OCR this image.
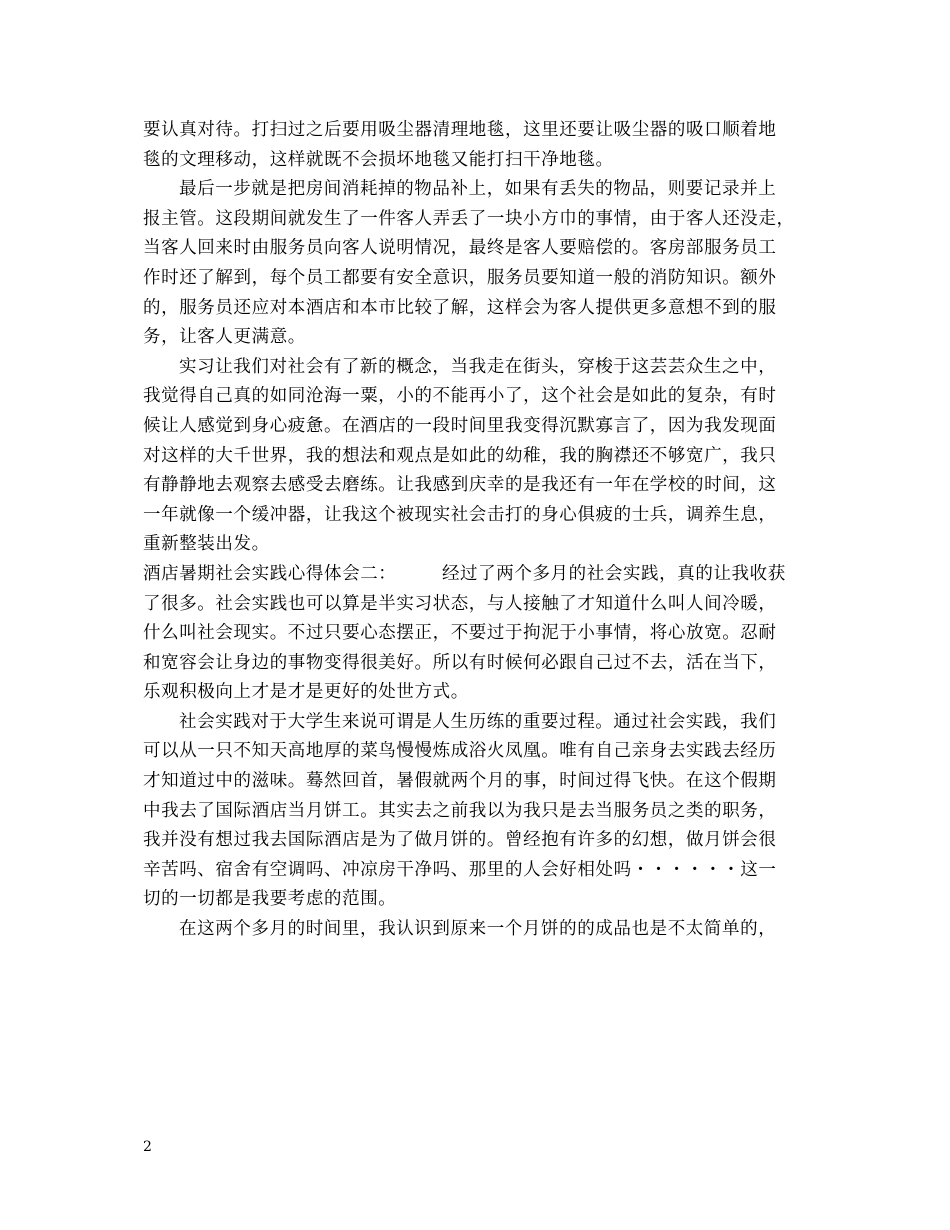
要认真对待。打扫过之后要用吸尘器清理地毯，这里还要让吸尘器的吸口顺着地
毯的文理移动，这样就既不会损坏地毯又能打扫干净地毯。
最后一步就是把房间消耗掉的物品补上，如果有丢失的物品，则要记录并上
报主管。这段期间就发生了一件客人弄丢了一块小方巾的事情，由于客人还没走，
当客人回来时由服务员向客人说明情况，最终是客人要赔偿的。客房部服务员工
作时还了解到，每个员工都要有安全意识，服务员要知道一般的消防知识。额外
的，服务员还应对本酒店和本市比较了解，这样会为客人提供更多意想不到的服
务，让客人更满意。
实习让我们对社会有了新的概念，当我走在街头，穿梭于这芸芸众生之中，
我觉得自己真的如同沧海一粟，小的不能再小了，这个社会是如此的复杂，有时
候让人感觉到身心疲惫。在酒店的一段时间里我变得沉默寡言了，因为我发现面
对这样的大千世界，我的想法和观点是如此的幼稚，我的胸襟还不够宽广，我只
有静静地去观察去感受去磨练。让我感到庆幸的是我还有一年在学校的时间，这
一年就像一个缓冲器，让我这个被现实社会击打的身心俱疲的士兵，调养生息，
重新整装出发。
酒店暑期社会实践心得体会二：　　　经过了两个多月的社会实践，真的让我收获
了很多。社会实践也可以算是半实习状态，与人接触了才知道什么叫人间冷暖，
什么叫社会现实。不过只要心态摆正，不要过于拘泥于小事情，将心放宽。忍耐
和宽容会让身边的事物变得很美好。所以有时候何必跟自己过不去，活在当下，
乐观积极向上才是才是更好的处世方式。
社会实践对于大学生来说可谓是人生历练的重要过程。通过社会实践，我们
可以从一只不知天高地厚的菜鸟慢慢炼成浴火凤凰。唯有自己亲身去实践去经历
才知道过中的滋味。蓦然回首，暑假就两个月的事，时间过得飞快。在这个假期
中我去了国际酒店当月饼工。其实去之前我以为我只是去当服务员之类的职务，
我并没有想过我去国际酒店是为了做月饼的。曾经抱有许多的幻想，做月饼会很
辛苦吗、宿舍有空调吗、冲凉房干净吗、那里的人会好相处吗・・・・・・这一
切的一切都是我要考虑的范围。
在这两个多月的时间里，我认识到原来一个月饼的的成品也是不太简单的，
2
